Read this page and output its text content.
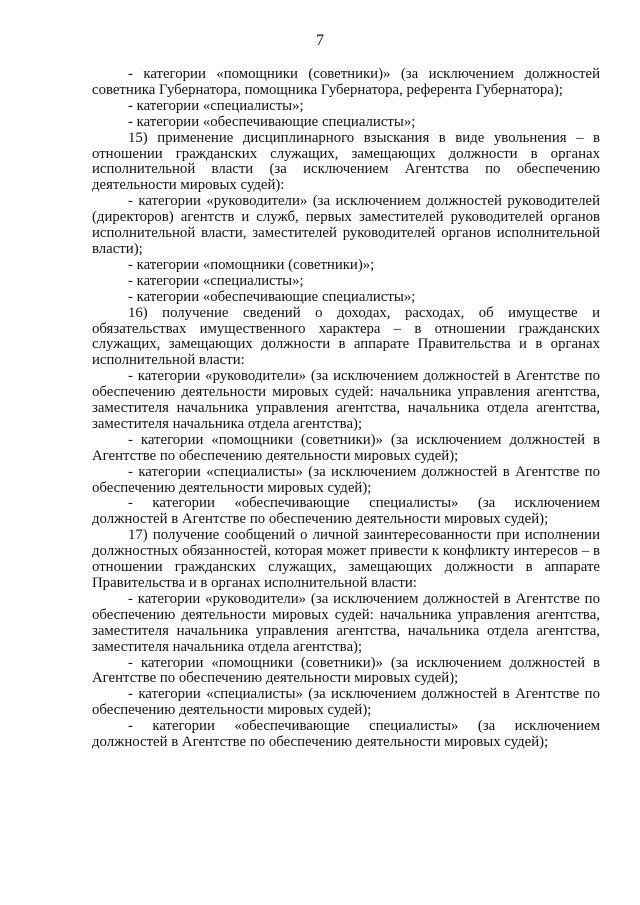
7

- категории «помощники (советники)» (за исключением должностей советника Губернатора, помощника Губернатора, референта Губернатора);

- категории «специалисты»;

- категории «обеспечивающие специалисты»;

15) применение дисциплинарного взыскания в виде увольнения – в отношении гражданских служащих, замещающих должности в органах исполнительной власти (за исключением Агентства по обеспечению деятельности мировых судей):

- категории «руководители» (за исключением должностей руководителей (директоров) агентств и служб, первых заместителей руководителей органов исполнительной власти, заместителей руководителей органов исполнительной власти);

- категории «помощники (советники)»;

- категории «специалисты»;

- категории «обеспечивающие специалисты»;

16) получение сведений о доходах, расходах, об имуществе и обязательствах имущественного характера – в отношении гражданских служащих, замещающих должности в аппарате Правительства и в органах исполнительной власти:

- категории «руководители» (за исключением должностей в Агентстве по обеспечению деятельности мировых судей: начальника управления агентства, заместителя начальника управления агентства, начальника отдела агентства, заместителя начальника отдела агентства);

- категории «помощники (советники)» (за исключением должностей в Агентстве по обеспечению деятельности мировых судей);

- категории «специалисты» (за исключением должностей в Агентстве по обеспечению деятельности мировых судей);

- категории «обеспечивающие специалисты» (за исключением должностей в Агентстве по обеспечению деятельности мировых судей);

17) получение сообщений о личной заинтересованности при исполнении должностных обязанностей, которая может привести к конфликту интересов – в отношении гражданских служащих, замещающих должности в аппарате Правительства и в органах исполнительной власти:

- категории «руководители» (за исключением должностей в Агентстве по обеспечению деятельности мировых судей: начальника управления агентства, заместителя начальника управления агентства, начальника отдела агентства, заместителя начальника отдела агентства);

- категории «помощники (советники)» (за исключением должностей в Агентстве по обеспечению деятельности мировых судей);

- категории «специалисты» (за исключением должностей в Агентстве по обеспечению деятельности мировых судей);

- категории «обеспечивающие специалисты» (за исключением должностей в Агентстве по обеспечению деятельности мировых судей);
